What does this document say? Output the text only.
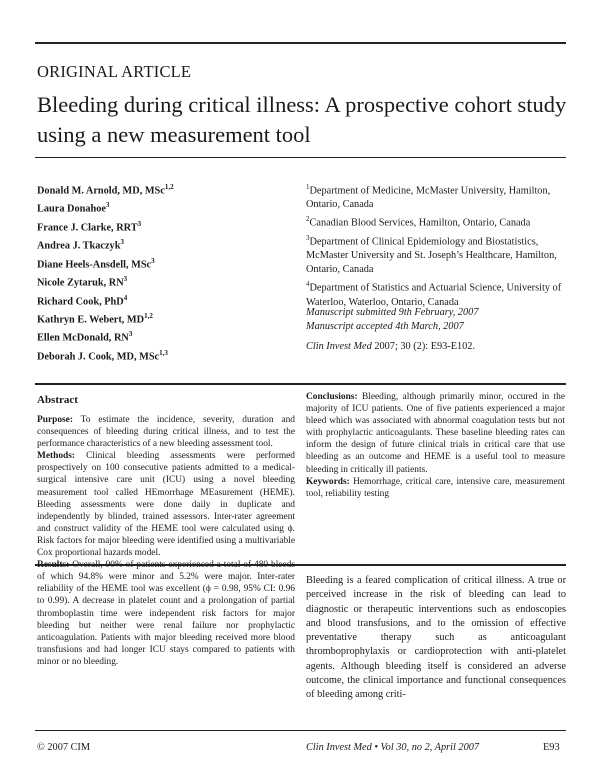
ORIGINAL ARTICLE
Bleeding during critical illness: A prospective cohort study using a new measurement tool
Donald M. Arnold, MD, MSc$^{1,2}$
Laura Donahoe$^3$
France J. Clarke, RRT$^3$
Andrea J. Tkaczyk$^3$
Diane Heels-Ansdell, MSc$^3$
Nicole Zytaruk, $RN^3$
Richard Cook, PhD$^4$
Kathryn E. Webert, MD$^{1,2}$
Ellen McDonald, $RN^3$
Deborah J. Cook, MD, MSc$^{1,3}$
$^1$Department of Medicine, McMaster University, Hamilton, Ontario, Canada
$^2$Canadian Blood Services, Hamilton, Ontario, Canada
$^3$Department of Clinical Epidemiology and Biostatistics, McMaster University and St. Joseph’s Healthcare, Hamilton, Ontario, Canada
$^4$Department of Statistics and Actuarial Science, University of Waterloo, Waterloo, Ontario, Canada
Manuscript submitted 9th February, 2007
Manuscript accepted 4th March, 2007
Clin Invest Med 2007; 30 (2): E93-E102.
Abstract

Purpose: To estimate the incidence, severity, duration and consequences of bleeding during critical illness, and to test the performance characteristics of a new bleeding assessment tool.

Methods: Clinical bleeding assessments were performed prospectively on 100 consecutive patients admitted to a medical-surgical intensive care unit (ICU) using a novel bleeding measurement tool called HEmorrhage MEasurement (HEME). Bleeding assessments were done daily in duplicate and independently by blinded, trained assessors. Inter-rater agreement and construct validity of the HEME tool were calculated using ϕ. Risk factors for major bleeding were identified using a multivariable Cox proportional hazards model.

of which 94.8% were minor and 5.2% were major. Inter-rater reliability of the HEME tool was excellent (ϕ = 0.98, 95% CI: 0.96 to 0.99). A decrease in platelet count and a prolongation of partial thromboplastin time were independent risk factors for major bleeding but neither were renal failure nor prophylactic anticoagulation. Patients with major bleeding received more blood transfusions and had longer ICU stays compared to patients with minor or no bleeding.

Conclusions: Bleeding, although primarily minor, occured in the majority of ICU patients. One of five patients experienced a major bleed which was associated with abnormal coagulation tests but not with prophylactic anticoagulants. These baseline bleeding rates can inform the design of future clinical trials in critical care that use bleeding as an outcome and HEME is a useful tool to measure bleeding in critically ill patients.

Keywords: Hemorrhage, critical care, intensive care, measurement tool, reliability testing

Bleeding is a feared complication of critical illness. A true or perceived increase in the risk of bleeding can lead to diagnostic or therapeutic interventions such as endoscopies and blood transfusions, and to the omission of effective preventative therapy such as anticoagulant thromboprophylaxis or cardioprotection with anti-platelet agents. Although bleeding itself is considered an adverse outcome, the clinical importance and functional consequences of bleeding among criti-
© 2007 CIM	Clin Invest Med • Vol 30, no 2, April 2007	E93
